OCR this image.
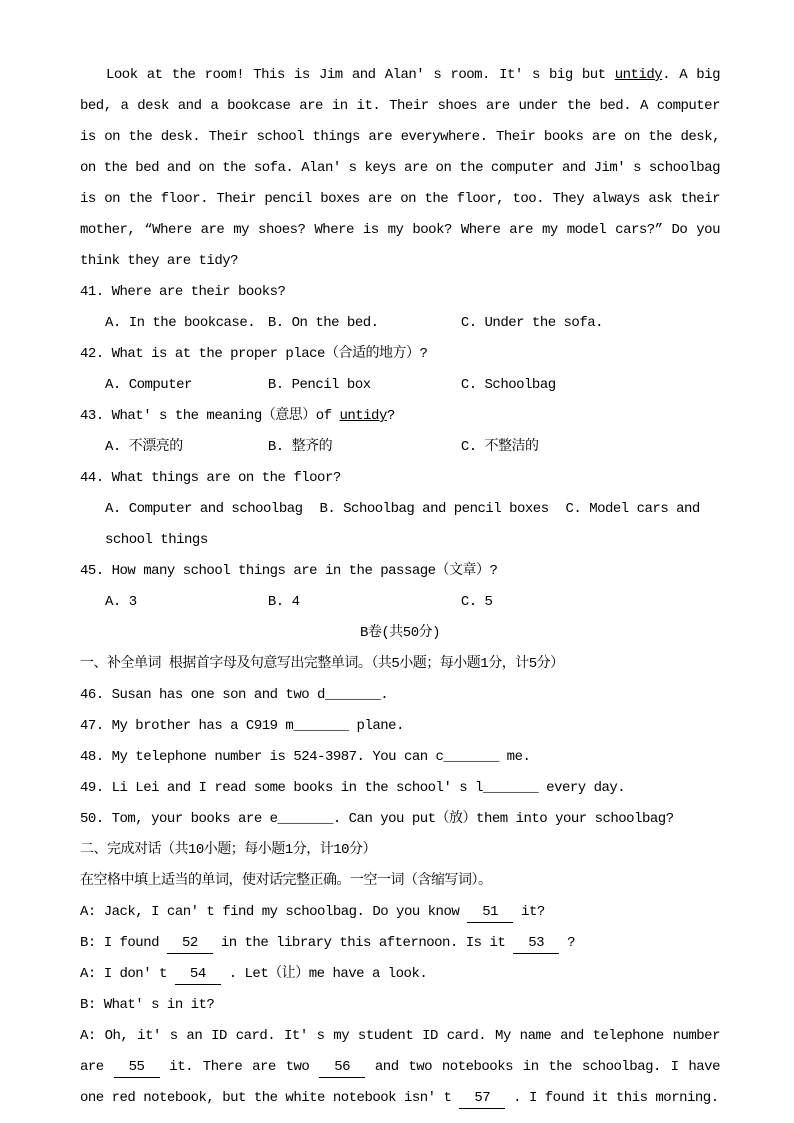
Look at the room! This is Jim and Alan' s room. It' s big but untidy. A big bed, a desk and a bookcase are in it. Their shoes are under the bed. A computer is on the desk. Their school things are everywhere. Their books are on the desk, on the bed and on the sofa. Alan' s keys are on the computer and Jim' s schoolbag is on the floor. Their pencil boxes are on the floor, too. They always ask their mother, “Where are my shoes? Where is my book? Where are my model cars?” Do you think they are tidy?

41. Where are their books?

A. In the bookcase. B. On the bed.	C. Under the sofa.

42. What is at the proper place（合适的地方）?

A. Computer	B. Pencil box	C. Schoolbag

43. What' s the meaning（意思）of untidy?

A. 不漂亮的	B. 整齐的	C. 不整洁的

44. What things are on the floor?

A. Computer and schoolbag B. Schoolbag and pencil boxes C. Model cars and school things

45. How many school things are in the passage（文章）?

A. 3	B. 4	C. 5

B卷(共50分)

一、补全单词 根据首字母及句意写出完整单词。（共5小题；每小题1分，计5分）

46. Susan has one son and two d_______.

47. My brother has a C919 m_______ plane.

48. My telephone number is 524-3987. You can c_______ me.

49. Li Lei and I read some books in the school' s l_______ every day.

50. Tom, your books are e_______. Can you put（放）them into your schoolbag?

二、完成对话（共10小题；每小题1分，计10分）

在空格中填上适当的单词，使对话完整正确。一空一词（含缩写词）。

A: Jack, I can' t find my schoolbag. Do you know 51 it?

B: I found 52 in the library this afternoon. Is it 53 ?

A: I don' t 54 . Let（让）me have a look.

B: What' s in it?

A: Oh, it' s an ID card. It' s my student ID card. My name and telephone number are 55 it. There are two 56 and two notebooks in the schoolbag. I have one red notebook, but the white notebook isn' t 57 . I found it this morning.
